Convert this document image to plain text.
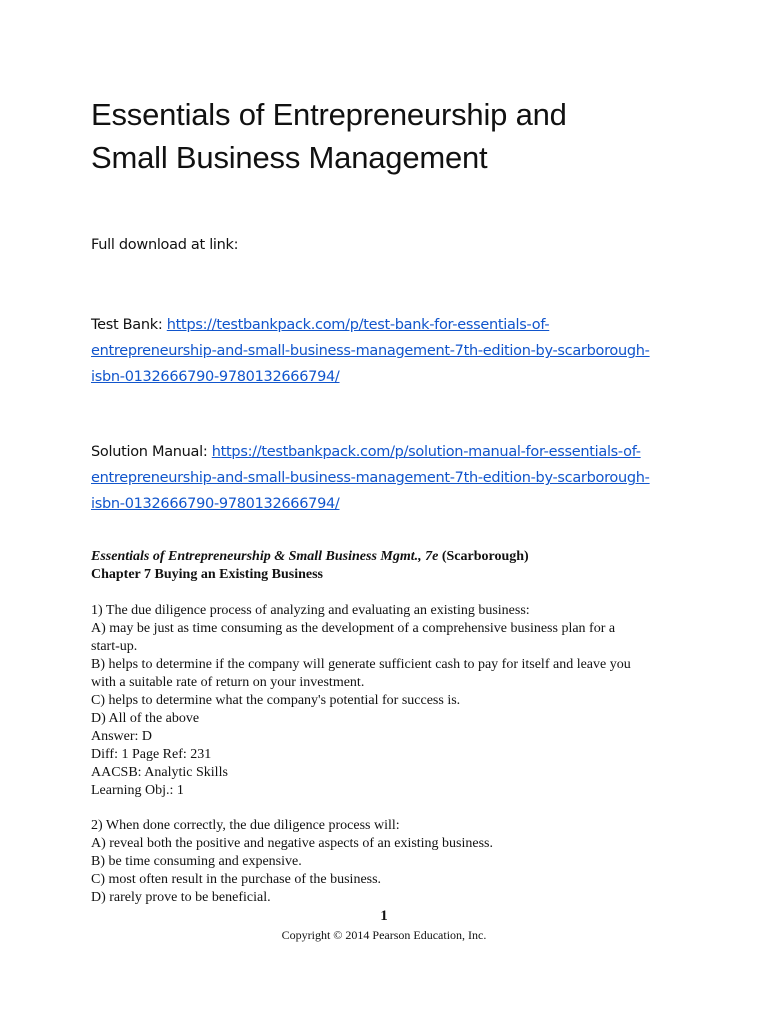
Essentials of Entrepreneurship and
Small Business Management
Full download at link:
Test Bank: https://testbankpack.com/p/test-bank-for-essentials-of-
entrepreneurship-and-small-business-management-7th-edition-by-scarborough-
isbn-0132666790-9780132666794/
Solution Manual: https://testbankpack.com/p/solution-manual-for-essentials-of-
entrepreneurship-and-small-business-management-7th-edition-by-scarborough-
isbn-0132666790-9780132666794/
Essentials of Entrepreneurship & Small Business Mgmt., 7e (Scarborough)
Chapter 7 Buying an Existing Business
1) The due diligence process of analyzing and evaluating an existing business:
A) may be just as time consuming as the development of a comprehensive business plan for a
start-up.
B) helps to determine if the company will generate sufficient cash to pay for itself and leave you
with a suitable rate of return on your investment.
C) helps to determine what the company's potential for success is.
D) All of the above
Answer: D
Diff: 1 Page Ref: 231
AACSB: Analytic Skills
Learning Obj.: 1
2) When done correctly, the due diligence process will:
A) reveal both the positive and negative aspects of an existing business.
B) be time consuming and expensive.
C) most often result in the purchase of the business.
D) rarely prove to be beneficial.
1
Copyright © 2014 Pearson Education, Inc.
